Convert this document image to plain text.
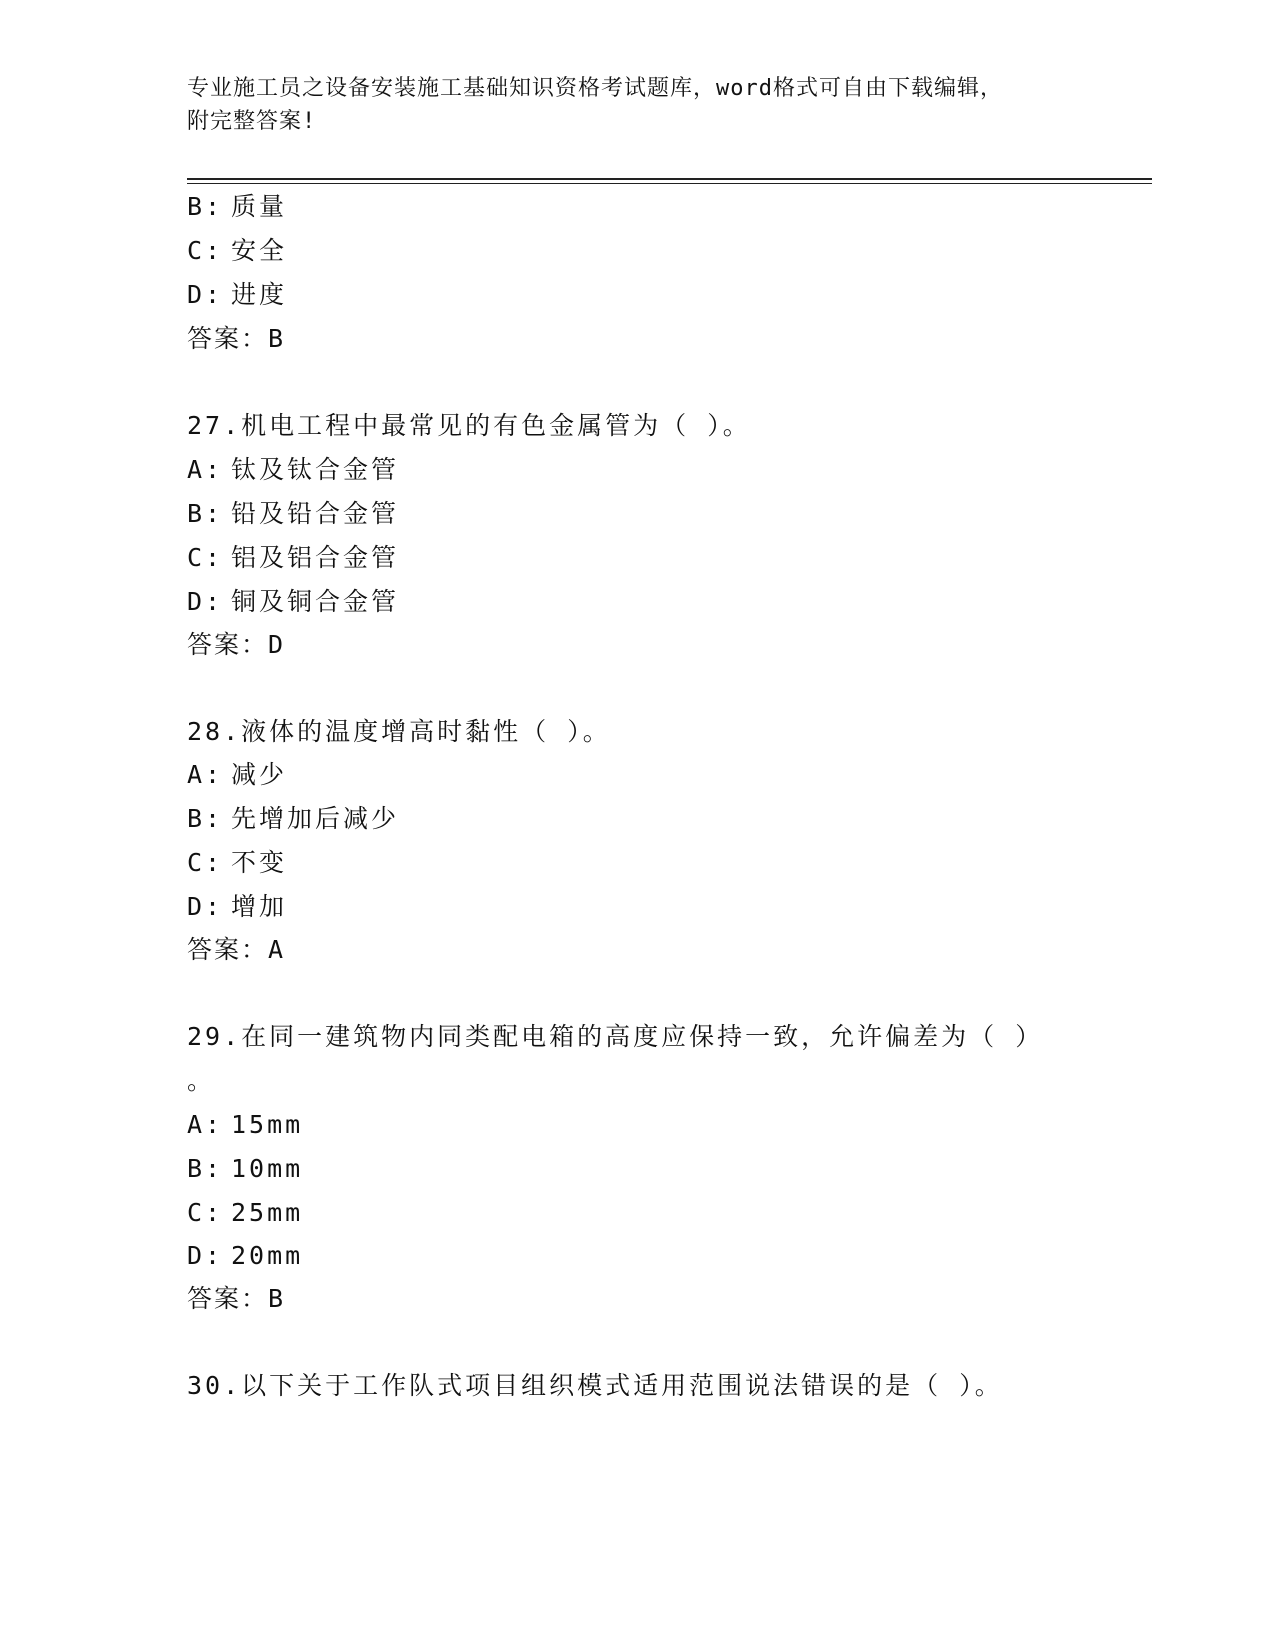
专业施工员之设备安装施工基础知识资格考试题库，word格式可自由下载编辑，
附完整答案!
B: 质量
C: 安全
D: 进度
答案：B
27.机电工程中最常见的有色金属管为（ ）。
A: 钛及钛合金管
B: 铅及铅合金管
C: 铝及铝合金管
D: 铜及铜合金管
答案：D
28.液体的温度增高时黏性（ ）。
A: 减少
B: 先增加后减少
C: 不变
D: 增加
答案：A
29.在同一建筑物内同类配电箱的高度应保持一致，允许偏差为（ ）
。
A: 15mm
B: 10mm
C: 25mm
D: 20mm
答案：B
30.以下关于工作队式项目组织模式适用范围说法错误的是（ ）。
